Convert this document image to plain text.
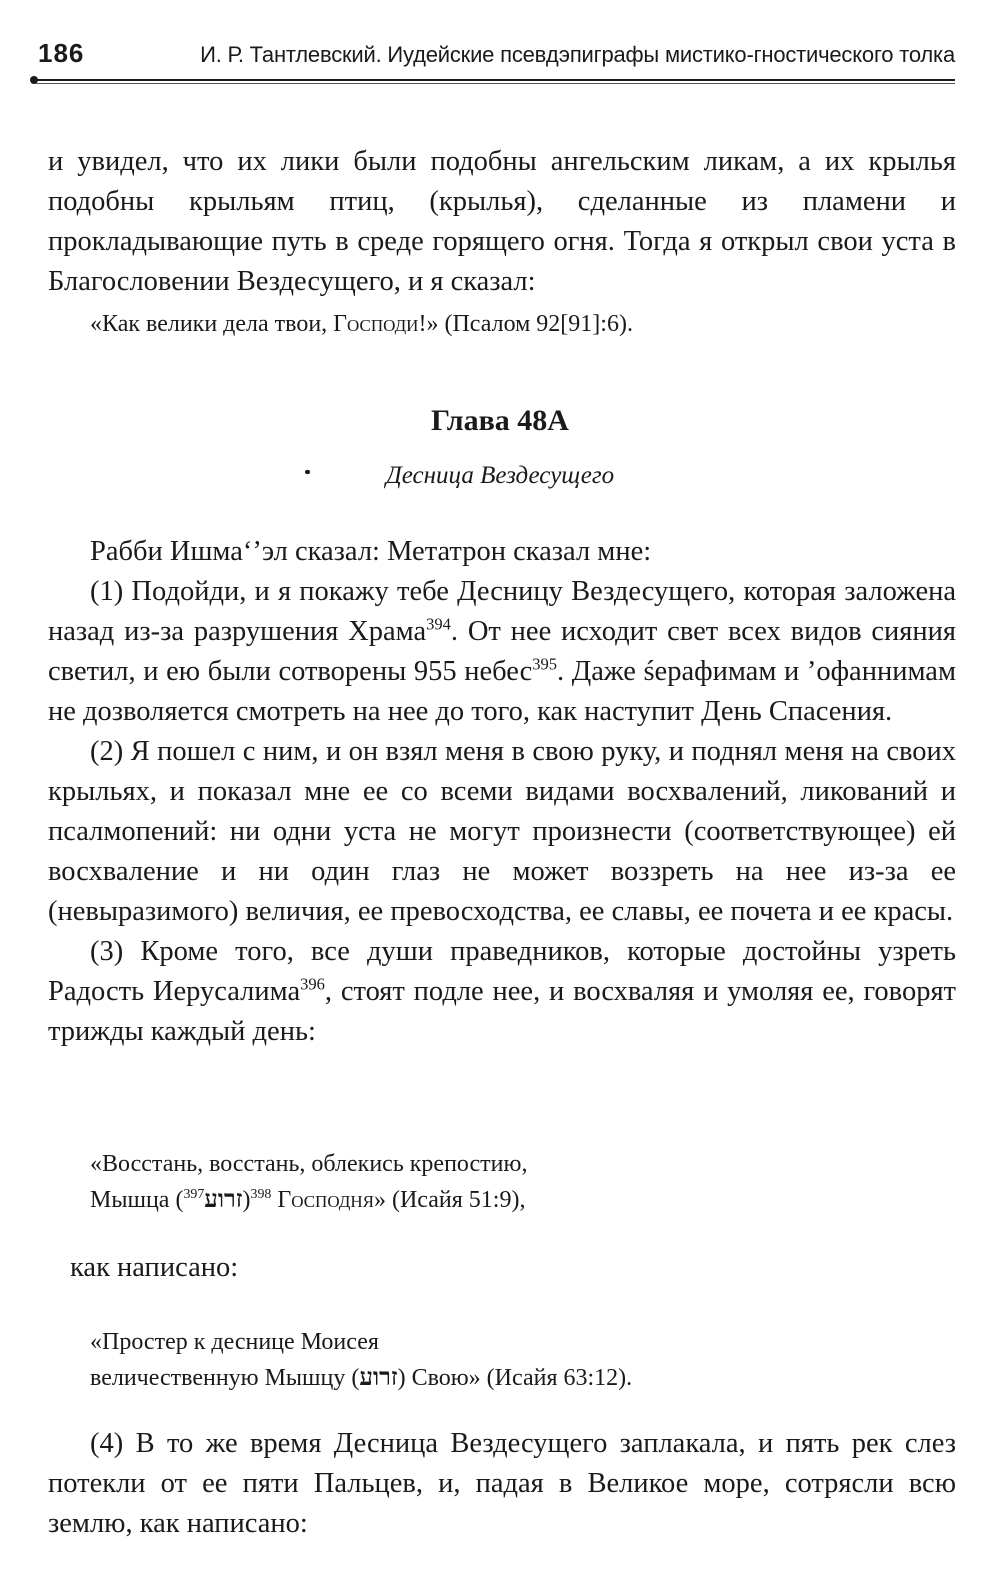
186	И. Р. Тантлевский. Иудейские псевдэпиграфы мистико-гностического толка

и увидел, что их лики были подобны ангельским ликам, а их крылья подобны крыльям птиц, (крылья), сделанные из пламени и прокладывающие путь в среде горящего огня. Тогда я открыл свои уста в Благословении Вездесущего, и я сказал:

«Как велики дела твои, Господи!» (Псалом 92[91]:6).
Глава 48А
Десница Вездесущего

Рабби Ишма‘’эл сказал: Метатрон сказал мне:

(1) Подойди, и я покажу тебе Десницу Вездесущего, которая заложена назад из-за разрушения Храма$^{394}$. От нее исходит свет всех видов сияния светил, и ею были сотворены 955 небес$^{395}$. Даже śерафимам и ’офаннимам не дозволяется смотреть на нее до того, как наступит День Спасения.

(2) Я пошел с ним, и он взял меня в свою руку, и поднял меня на своих крыльях, и показал мне ее со всеми видами восхвалений, ликований и псалмопений: ни одни уста не могут произнести (соответствующее) ей восхваление и ни один глаз не может воззреть на нее из-за ее (невыразимого) величия, ее превосходства, ее славы, ее почета и ее красы.

(3) Кроме того, все души праведников, которые достойны узреть Радость Иерусалима$^{396}$, стоят подле нее, и восхваляя и умоляя ее, говорят трижды каждый день:

«Восстань, восстань, облекись крепостию,
Мышца ($^{397}$זרוע)$^{398}$ Господня» (Исайя 51:9),

как написано:

«Простер к деснице Моисея
величественную Мышцу (זרוע) Свою» (Исайя 63:12).

(4) В то же время Десница Вездесущего заплакала, и пять рек слез потекли от ее пяти Пальцев, и, падая в Великое море, сотрясли всю землю, как написано:
